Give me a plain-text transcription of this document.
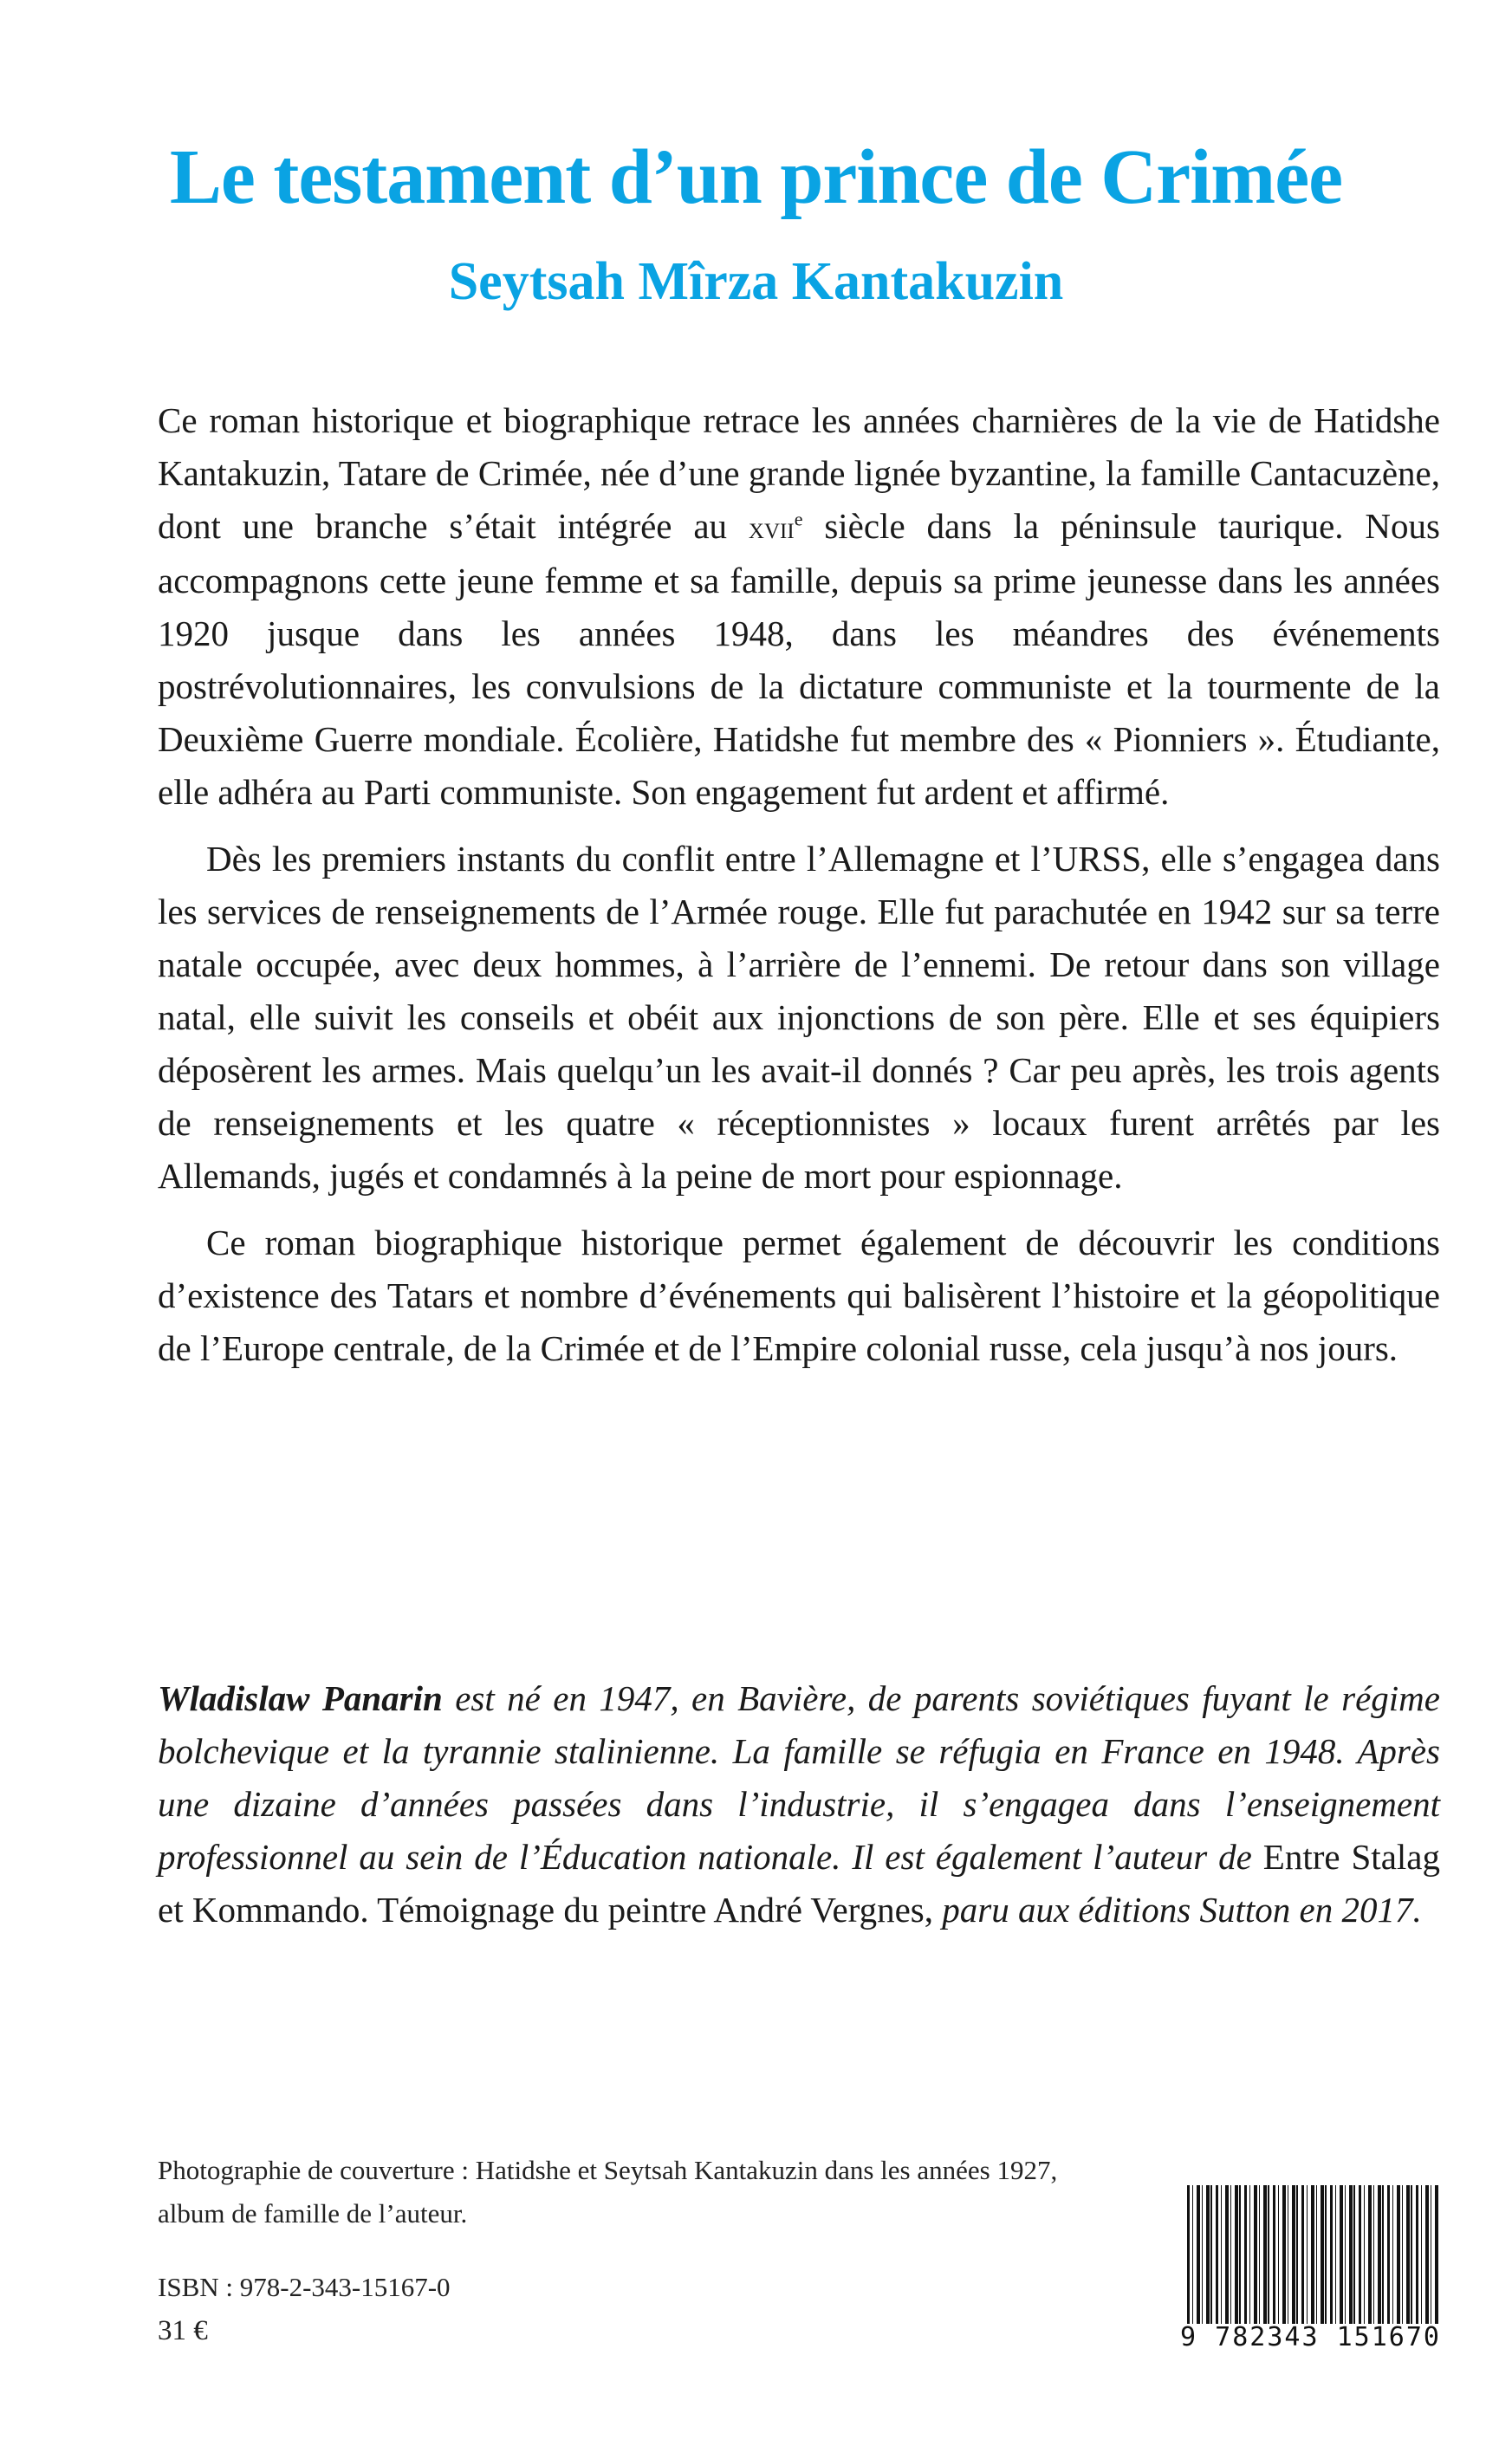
Le testament d’un prince de Crimée
Seytsah Mîrza Kantakuzin

Ce roman historique et biographique retrace les années charnières de la vie de Hatidshe Kantakuzin, Tatare de Crimée, née d’une grande lignée byzantine, la famille Cantacuzène, dont une branche s’était intégrée au xvii$^e$ siècle dans la péninsule taurique. Nous accompagnons cette jeune femme et sa famille, depuis sa prime jeunesse dans les années 1920 jusque dans les années 1948, dans les méandres des événements postrévolutionnaires, les convulsions de la dictature communiste et la tourmente de la Deuxième Guerre mondiale. Écolière, Hatidshe fut membre des « Pionniers ». Étudiante, elle adhéra au Parti communiste. Son engagement fut ardent et affirmé.

Dès les premiers instants du conflit entre l’Allemagne et l’URSS, elle s’engagea dans les services de renseignements de l’Armée rouge. Elle fut parachutée en 1942 sur sa terre natale occupée, avec deux hommes, à l’arrière de l’ennemi. De retour dans son village natal, elle suivit les conseils et obéit aux injonctions de son père. Elle et ses équipiers déposèrent les armes. Mais quelqu’un les avait-il donnés ? Car peu après, les trois agents de renseignements et les quatre « réceptionnistes » locaux furent arrêtés par les Allemands, jugés et condamnés à la peine de mort pour espionnage.

Ce roman biographique historique permet également de découvrir les conditions d’existence des Tatars et nombre d’événements qui balisèrent l’histoire et la géopolitique de l’Europe centrale, de la Crimée et de l’Empire colonial russe, cela jusqu’à nos jours.

Wladislaw Panarin est né en 1947, en Bavière, de parents soviétiques fuyant le régime bolchevique et la tyrannie stalinienne. La famille se réfugia en France en 1948. Après une dizaine d’années passées dans l’industrie, il s’engagea dans l’enseignement professionnel au sein de l’Éducation nationale. Il est également l’auteur de Entre Stalag et Kommando. Témoignage du peintre André Vergnes, paru aux éditions Sutton en 2017.

Photographie de couverture : Hatidshe et Seytsah Kantakuzin dans les années 1927, album de famille de l’auteur.

ISBN : 978-2-343-15167-0
31 €	9 782343 151670
